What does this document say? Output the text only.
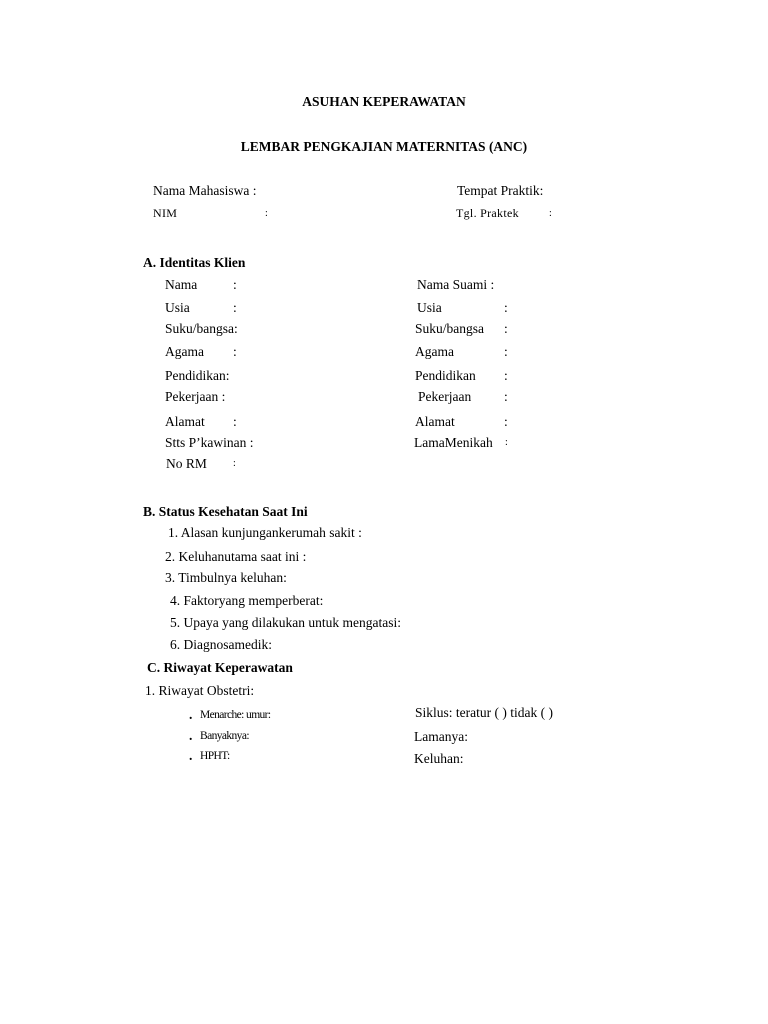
ASUHAN KEPERAWATAN
LEMBAR PENGKAJIAN MATERNITAS (ANC)
Nama Mahasiswa :	Tempat Praktik:
NIM	:	Tgl. Praktek	:
A. Identitas Klien
Nama	:	Nama Suami :
Usia	:	Usia	:
Suku/bangsa:	Suku/bangsa :
Agama :	Agama	:
Pendidikan:	Pendidikan :
Pekerjaan :	Pekerjaan :
Alamat :	Alamat	:
Stts P’kawinan :	LamaMenikah :
No RM	:
B. Status Kesehatan Saat Ini
1. Alasan kunjungankerumah sakit :
2. Keluhanutama saat ini :
3. Timbulnya keluhan:
4. Faktoryang memperberat:
5. Upaya yang dilakukan untuk mengatasi:
6. Diagnosamedik:
C. Riwayat Keperawatan
1. Riwayat Obstetri:
. Menarche: umur:	Siklus: teratur ( ) tidak ( )
. Banyaknya:	Lamanya:
. HPHT:	Keluhan:
